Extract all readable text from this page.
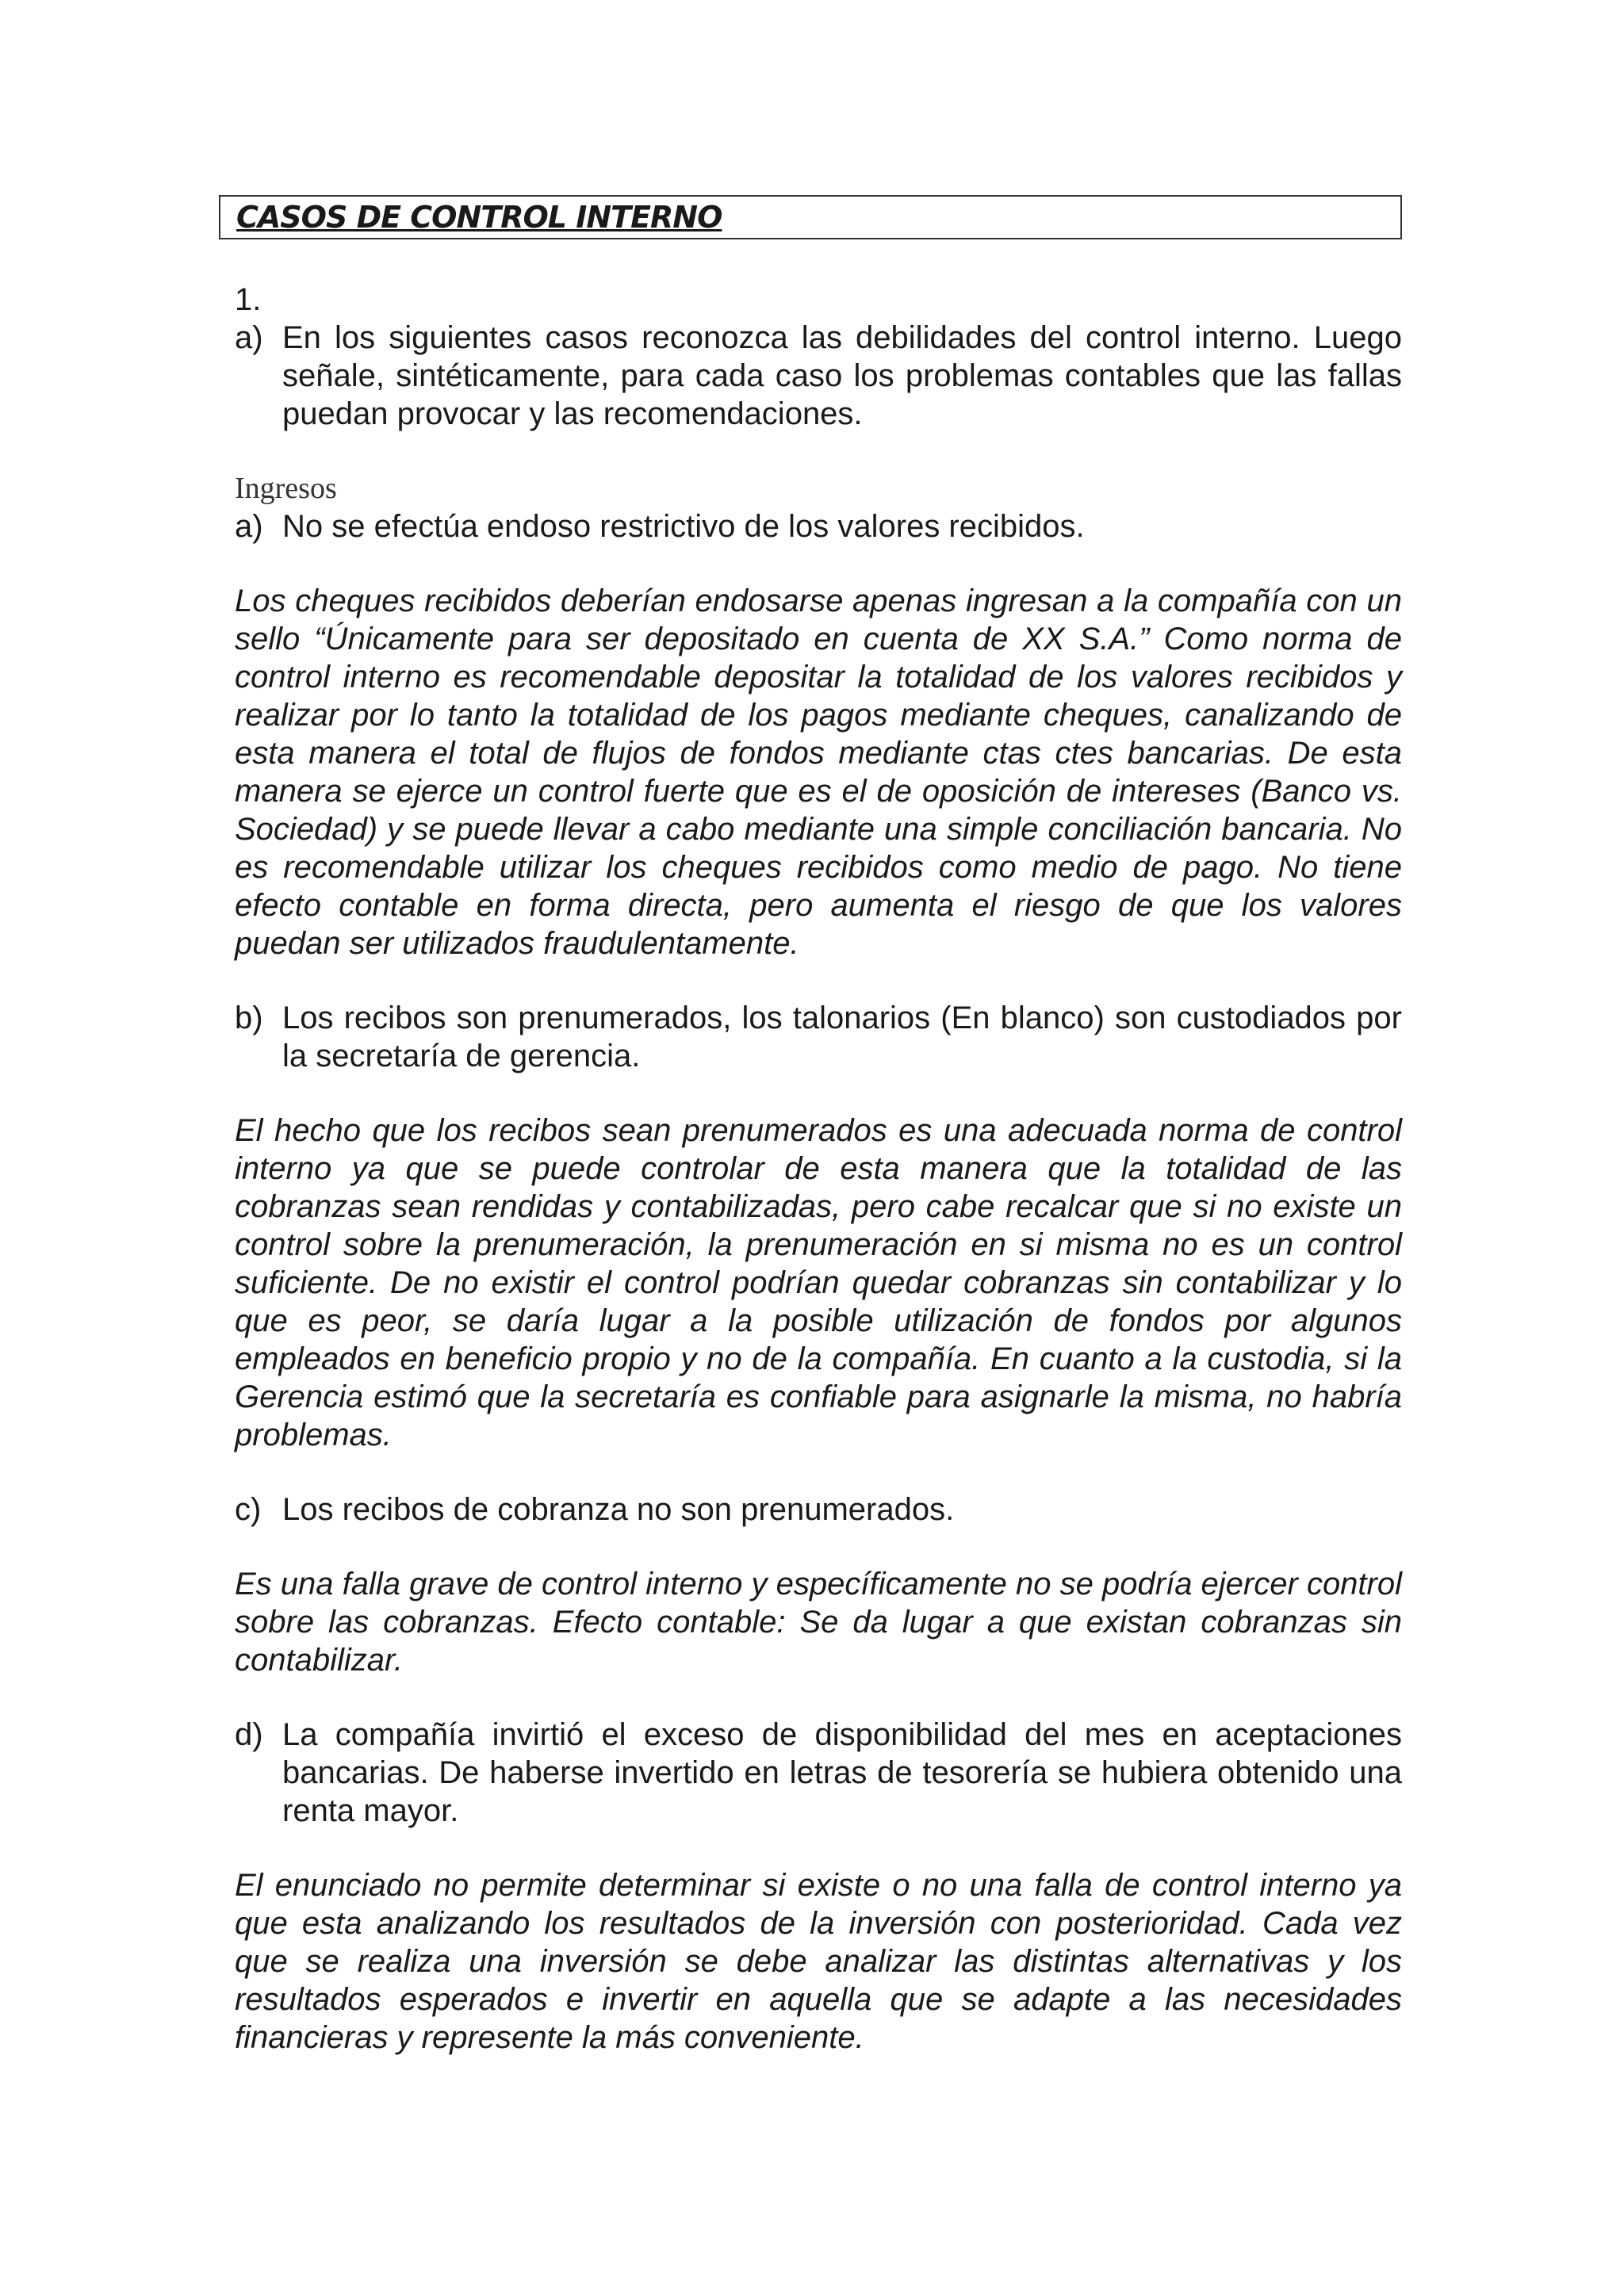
CASOS DE CONTROL INTERNO
1.
a) En los siguientes casos reconozca las debilidades del control interno. Luego señale, sintéticamente, para cada caso los problemas contables que las fallas puedan provocar y las recomendaciones.
Ingresos
a) No se efectúa endoso restrictivo de los valores recibidos.
Los cheques recibidos deberían endosarse apenas ingresan a la compañía con un sello “Únicamente para ser depositado en cuenta de XX S.A.” Como norma de control interno es recomendable depositar la totalidad de los valores recibidos y realizar por lo tanto la totalidad de los pagos mediante cheques, canalizando de esta manera el total de flujos de fondos mediante ctas ctes bancarias. De esta manera se ejerce un control fuerte que es el de oposición de intereses (Banco vs. Sociedad) y se puede llevar a cabo mediante una simple conciliación bancaria. No es recomendable utilizar los cheques recibidos como medio de pago. No tiene efecto contable en forma directa, pero aumenta el riesgo de que los valores puedan ser utilizados fraudulentamente.
b) Los recibos son prenumerados, los talonarios (En blanco) son custodiados por la secretaría de gerencia.
El hecho que los recibos sean prenumerados es una adecuada norma de control interno ya que se puede controlar de esta manera que la totalidad de las cobranzas sean rendidas y contabilizadas, pero cabe recalcar que si no existe un control sobre la prenumeración, la prenumeración en si misma no es un control suficiente. De no existir el control podrían quedar cobranzas sin contabilizar y lo que es peor, se daría lugar a la posible utilización de fondos por algunos empleados en beneficio propio y no de la compañía. En cuanto a la custodia, si la Gerencia estimó que la secretaría es confiable para asignarle la misma, no habría problemas.
c) Los recibos de cobranza no son prenumerados.
Es una falla grave de control interno y específicamente no se podría ejercer control sobre las cobranzas. Efecto contable: Se da lugar a que existan cobranzas sin contabilizar.
d) La compañía invirtió el exceso de disponibilidad del mes en aceptaciones bancarias. De haberse invertido en letras de tesorería se hubiera obtenido una renta mayor.
El enunciado no permite determinar si existe o no una falla de control interno ya que esta analizando los resultados de la inversión con posterioridad. Cada vez que se realiza una inversión se debe analizar las distintas alternativas y los resultados esperados e invertir en aquella que se adapte a las necesidades financieras y represente la más conveniente.
